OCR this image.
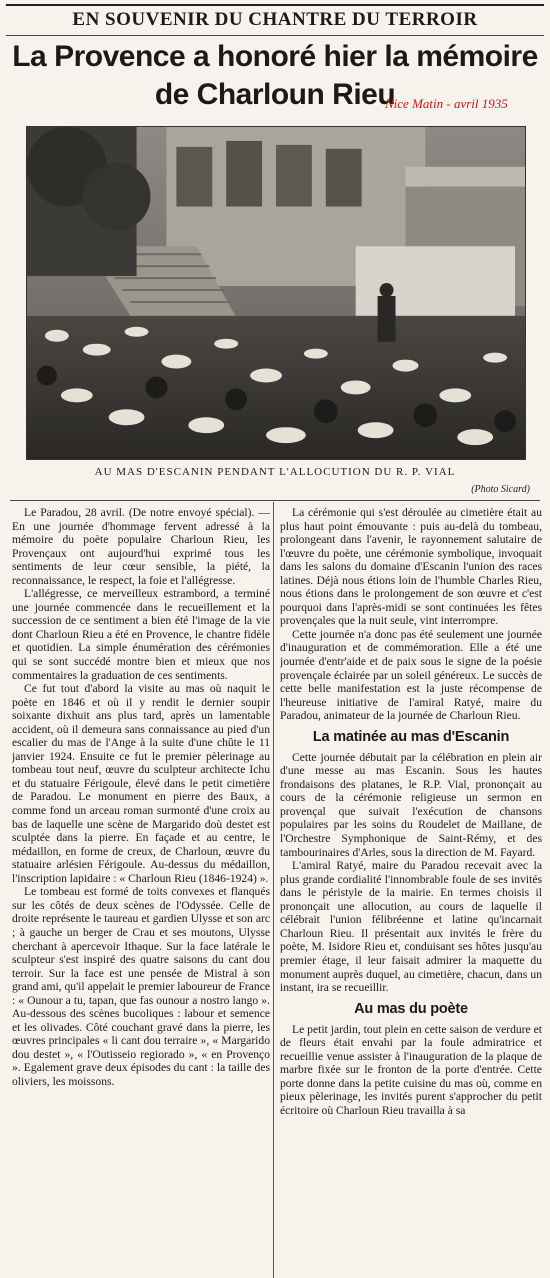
EN SOUVENIR DU CHANTRE DU TERROIR
La Provence a honoré hier la mémoire
de Charloun Rieu
Nice Matin - avril 1935
AU MAS D'ESCANIN PENDANT L'ALLOCUTION DU R. P. VIAL
(Photo Sicard)

Le Paradou, 28 avril. (De notre envoyé spécial). — En une journée d'hommage fervent adressé à la mémoire du poète populaire Charloun Rieu, les Provençaux ont aujourd'hui exprimé tous les sentiments de leur cœur sensible, la piété, la reconnaissance, le respect, la foie et l'allégresse.

L'allégresse, ce merveilleux estrambord, a terminé une journée commencée dans le recueillement et la succession de ce sentiment a bien été l'image de la vie dont Charloun Rieu a été en Provence, le chantre fidèle et quotidien. La simple énumération des cérémonies qui se sont succédé montre bien et mieux que nos commentaires la graduation de ces sentiments.

Ce fut tout d'abord la visite au mas où naquit le poète en 1846 et où il y rendit le dernier soupir soixante dixhuit ans plus tard, après un lamentable accident, où il demeura sans connaissance au pied d'un escalier du mas de l'Ange à la suite d'une chûte le 11 janvier 1924. Ensuite ce fut le premier pèlerinage au tombeau tout neuf, œuvre du sculpteur architecte Ichu et du statuaire Férigoule, élevé dans le petit cimetière de Paradou. Le monument en pierre des Baux, a comme fond un arceau roman surmonté d'une croix au bas de laquelle une scène de Margarido doù destet est sculptée dans la pierre. En façade et au centre, le médaillon, en forme de creux, de Charloun, œuvre du statuaire arlésien Férigoule. Au-dessus du médaillon, l'inscription lapidaire : « Charloun Rieu (1846-1924) ».

Le tombeau est formé de toits convexes et flanqués sur les côtés de deux scènes de l'Odyssée. Celle de droite représente le taureau et gardien Ulysse et son arc ; à gauche un berger de Crau et ses moutons, Ulysse cherchant à apercevoir Ithaque. Sur la face latérale le sculpteur s'est inspiré des quatre saisons du cant dou terroir. Sur la face est une pensée de Mistral à son grand ami, qu'il appelait le premier laboureur de France : « Ounour a tu, tapan, que fas ounour a nostro lango ». Au-dessous des scènes bucoliques : labour et semence et les olivades. Côté couchant gravé dans la pierre, les œuvres principales « li cant dou terraire », « Margarido dou destet », « l'Outisseio regiorado », « en Provenço ». Egalement grave deux épisodes du cant : la taille des oliviers, les moissons.

La cérémonie qui s'est déroulée au cimetière était au plus haut point émouvante : puis au-delà du tombeau, prolongeant dans l'avenir, le rayonnement salutaire de l'œuvre du poète, une cérémonie symbolique, invoquait dans les salons du domaine d'Escanin l'union des races latines. Déjà nous étions loin de l'humble Charles Rieu, nous étions dans le prolongement de son œuvre et c'est pourquoi dans l'après-midi se sont continuées les fêtes provençales que la nuit seule, vint interrompre.

Cette journée n'a donc pas été seulement une journée d'inauguration et de commémoration. Elle a été une journée d'entr'aide et de paix sous le signe de la poésie provençale éclairée par un soleil généreux. Le succès de cette belle manifestation est la juste récompense de l'heureuse initiative de l'amiral Ratyé, maire du Paradou, animateur de la journée de Charloun Rieu.

La matinée au mas d'Escanin

Cette journée débutait par la célébration en plein air d'une messe au mas Escanin. Sous les hautes frondaisons des platanes, le R.P. Vial, prononçait au cours de la cérémonie religieuse un sermon en provençal que suivait l'exécution de chansons populaires par les soins du Roudelet de Maillane, de l'Orchestre Symphonique de Saint-Rémy, et des tambourinaires d'Arles, sous la direction de M. Fayard.

L'amiral Ratyé, maire du Paradou recevait avec la plus grande cordialité l'innombrable foule de ses invités dans le péristyle de la mairie. En termes choisis il prononçait une allocution, au cours de laquelle il célébrait l'union félibréenne et latine qu'incarnait Charloun Rieu. Il présentait aux invités le frère du poète, M. Isidore Rieu et, conduisant ses hôtes jusqu'au premier étage, il leur faisait admirer la maquette du monument auprès duquel, au cimetière, chacun, dans un instant, ira se recueillir.

Au mas du poète

Le petit jardin, tout plein en cette saison de verdure et de fleurs était envahi par la foule admiratrice et recueillie venue assister à l'inauguration de la plaque de marbre fixée sur le fronton de la porte d'entrée. Cette porte donne dans la petite cuisine du mas où, comme en pieux pèlerinage, les invités purent s'approcher du petit écritoire où Charloun Rieu travailla à sa
